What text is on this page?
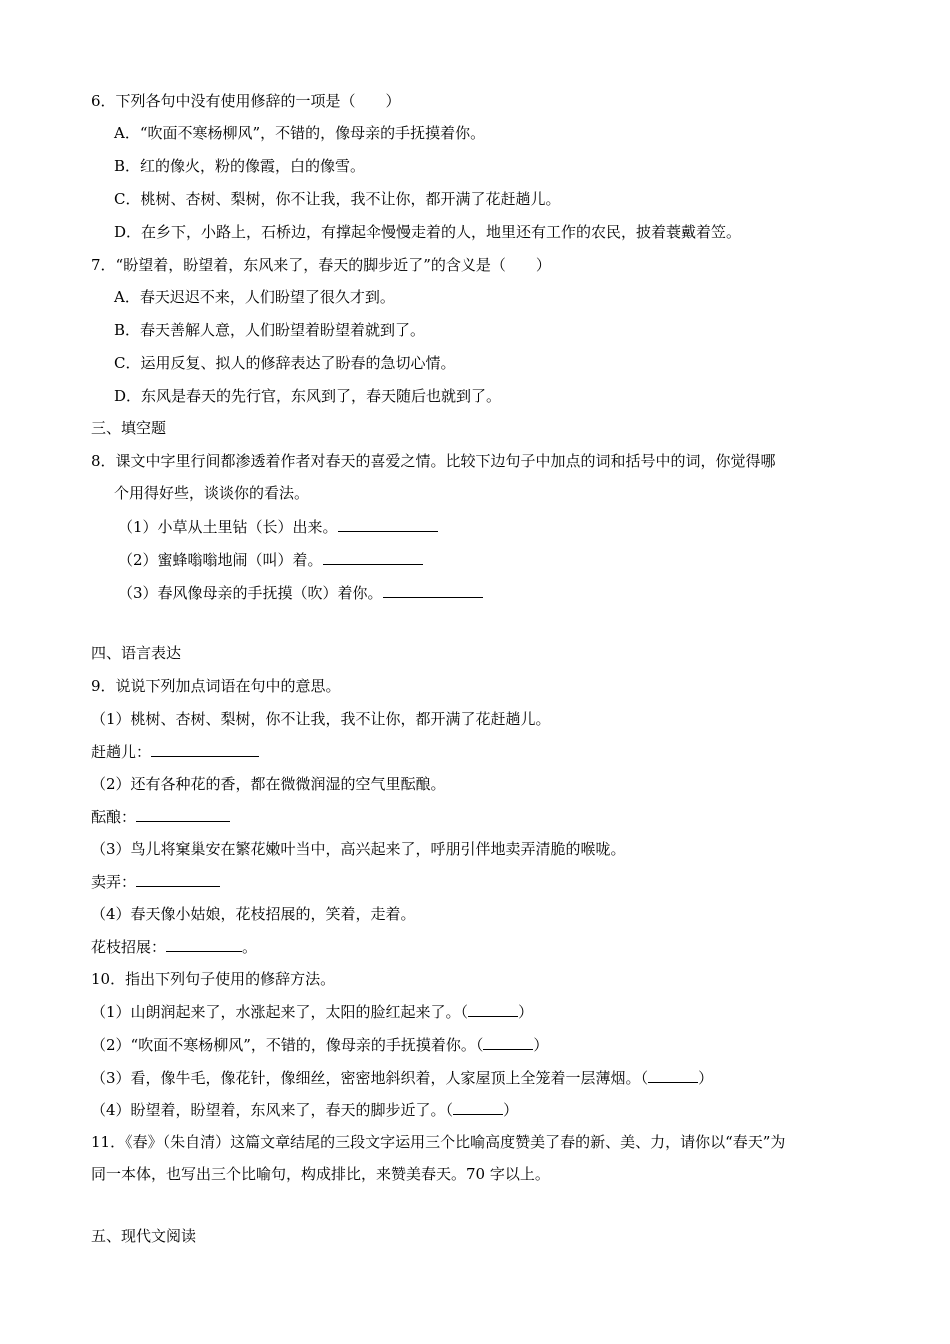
6．下列各句中没有使用修辞的一项是（　　）
A．“吹面不寒杨柳风”，不错的，像母亲的手抚摸着你。
B．红的像火，粉的像霞，白的像雪。
C．桃树、杏树、梨树，你不让我，我不让你，都开满了花赶趟儿。
D．在乡下，小路上，石桥边，有撑起伞慢慢走着的人，地里还有工作的农民，披着蓑戴着笠。
7．“盼望着，盼望着，东风来了，春天的脚步近了”的含义是（　　）
A．春天迟迟不来，人们盼望了很久才到。
B．春天善解人意，人们盼望着盼望着就到了。
C．运用反复、拟人的修辞表达了盼春的急切心情。
D．东风是春天的先行官，东风到了，春天随后也就到了。
三、填空题
8．课文中字里行间都渗透着作者对春天的喜爱之情。比较下边句子中加点的词和括号中的词，你觉得哪
个用得好些，谈谈你的看法。
（1）小草从土里钻（长）出来。
（2）蜜蜂嗡嗡地闹（叫）着。
（3）春风像母亲的手抚摸（吹）着你。
四、语言表达
9．说说下列加点词语在句中的意思。
（1）桃树、杏树、梨树，你不让我，我不让你，都开满了花赶趟儿。
赶趟儿：
（2）还有各种花的香，都在微微润湿的空气里酝酿。
酝酿：
（3）鸟儿将窠巢安在繁花嫩叶当中，高兴起来了，呼朋引伴地卖弄清脆的喉咙。
卖弄：
（4）春天像小姑娘，花枝招展的，笑着，走着。
花枝招展：	。
10．指出下列句子使用的修辞方法。
（1）山朗润起来了，水涨起来了，太阳的脸红起来了。（	）
（2）“吹面不寒杨柳风”，不错的，像母亲的手抚摸着你。（	）
（3）看，像牛毛，像花针，像细丝，密密地斜织着，人家屋顶上全笼着一层薄烟。（	）
（4）盼望着，盼望着，东风来了，春天的脚步近了。（	）
11．《春》（朱自清）这篇文章结尾的三段文字运用三个比喻高度赞美了春的新、美、力，请你以“春天”为
同一本体，也写出三个比喻句，构成排比，来赞美春天。70 字以上。
五、现代文阅读
